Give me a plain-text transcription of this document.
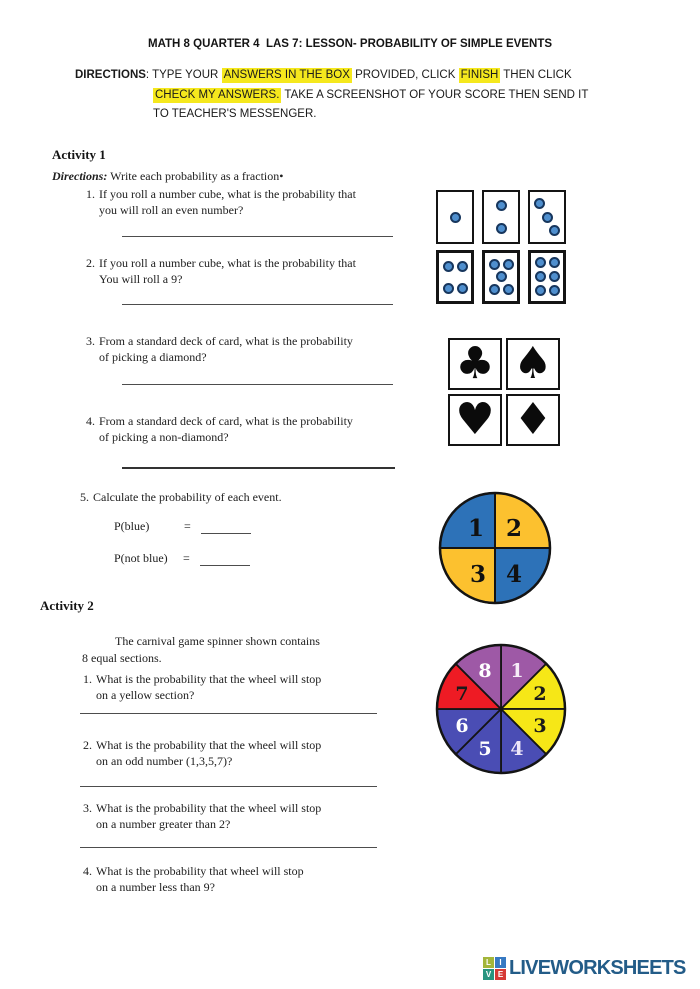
MATH 8 QUARTER 4  LAS 7: LESSON- PROBABILITY OF SIMPLE EVENTS
DIRECTIONS: TYPE YOUR ANSWERS IN THE BOX PROVIDED, CLICK FINISH THEN CLICK
CHECK MY ANSWERS. TAKE A SCREENSHOT OF YOUR SCORE THEN SEND IT
TO TEACHER'S MESSENGER.
Activity 1
Directions: Write each probability as a fraction•
1. If you roll a number cube, what is the probability that
you will roll an even number?
2. If you roll a number cube, what is the probability that
You will roll a 9?
3. From a standard deck of card, what is the probability
of picking a diamond?
4. From a standard deck of card, what is the probability
of picking a non-diamond?
5. Calculate the probability of each event.
P(blue)	=
P(not blue) =
Activity 2
The carnival game spinner shown contains
8 equal sections.
1. What is the probability that the wheel will stop
on a yellow section?
2. What is the probability that the wheel will stop
on an odd number (1,3,5,7)?
3. What is the probability that the wheel will stop
on a number greater than 2?
4. What is the probability that wheel will stop
on a number less than 9?
♣ ♠
♥ ♦
1 2
3 4
1
2
3
4
5
6
7
8
L	I
V E LIVEWORKSHEETS
